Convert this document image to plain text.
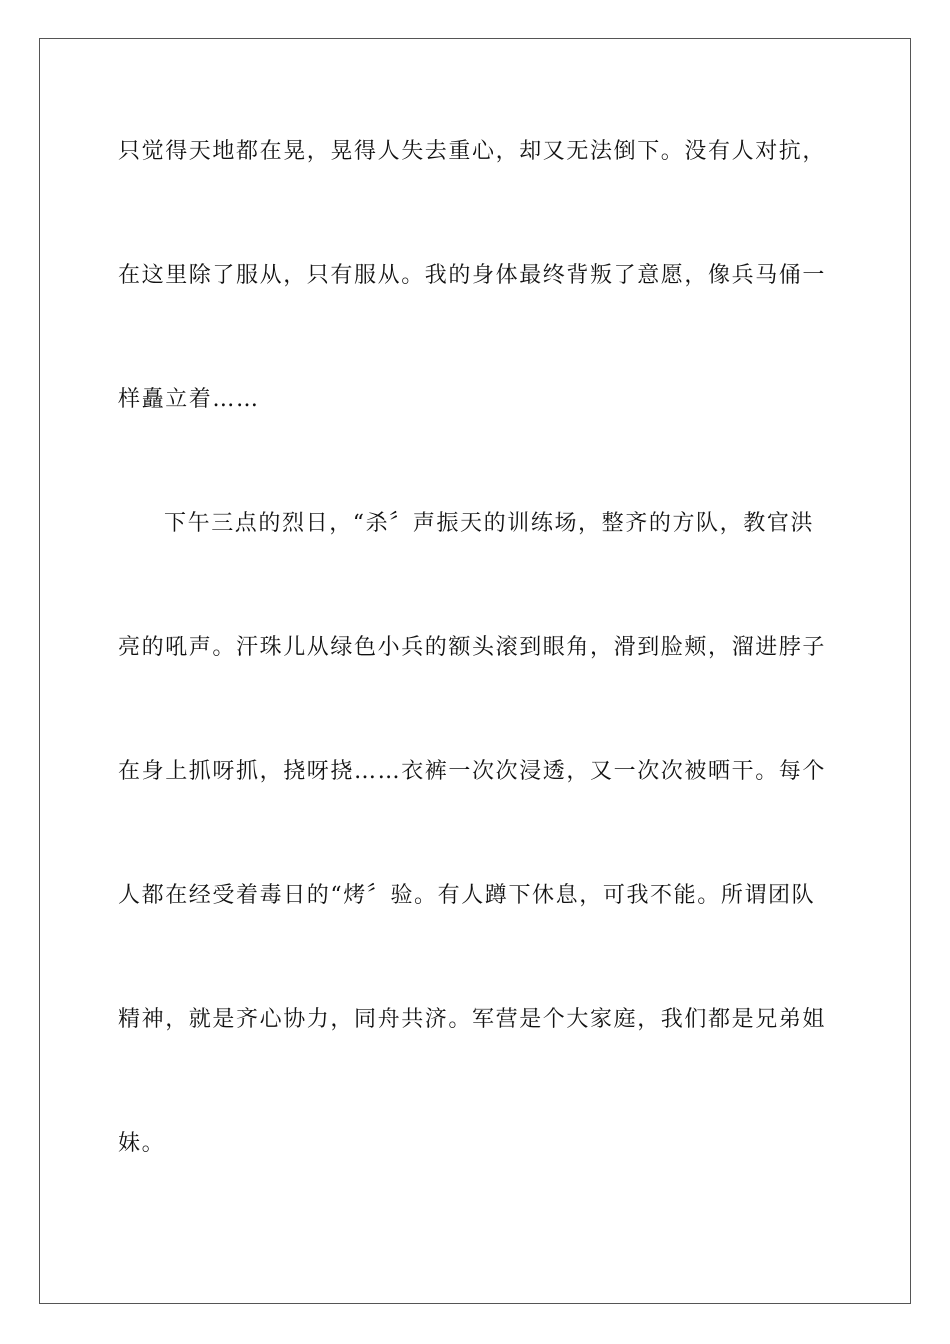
只觉得天地都在晃，晃得人失去重心，却又无法倒下。没有人对抗，
在这里除了服从，只有服从。我的身体最终背叛了意愿，像兵马俑一
样矗立着……
下午三点的烈日，“杀〞声振天的训练场，整齐的方队，教官洪
亮的吼声。汗珠儿从绿色小兵的额头滚到眼角，滑到脸颊，溜进脖子
在身上抓呀抓，挠呀挠……衣裤一次次浸透，又一次次被晒干。每个
人都在经受着毒日的“烤〞验。有人蹲下休息，可我不能。所谓团队
精神，就是齐心协力，同舟共济。军营是个大家庭，我们都是兄弟姐
妹。
